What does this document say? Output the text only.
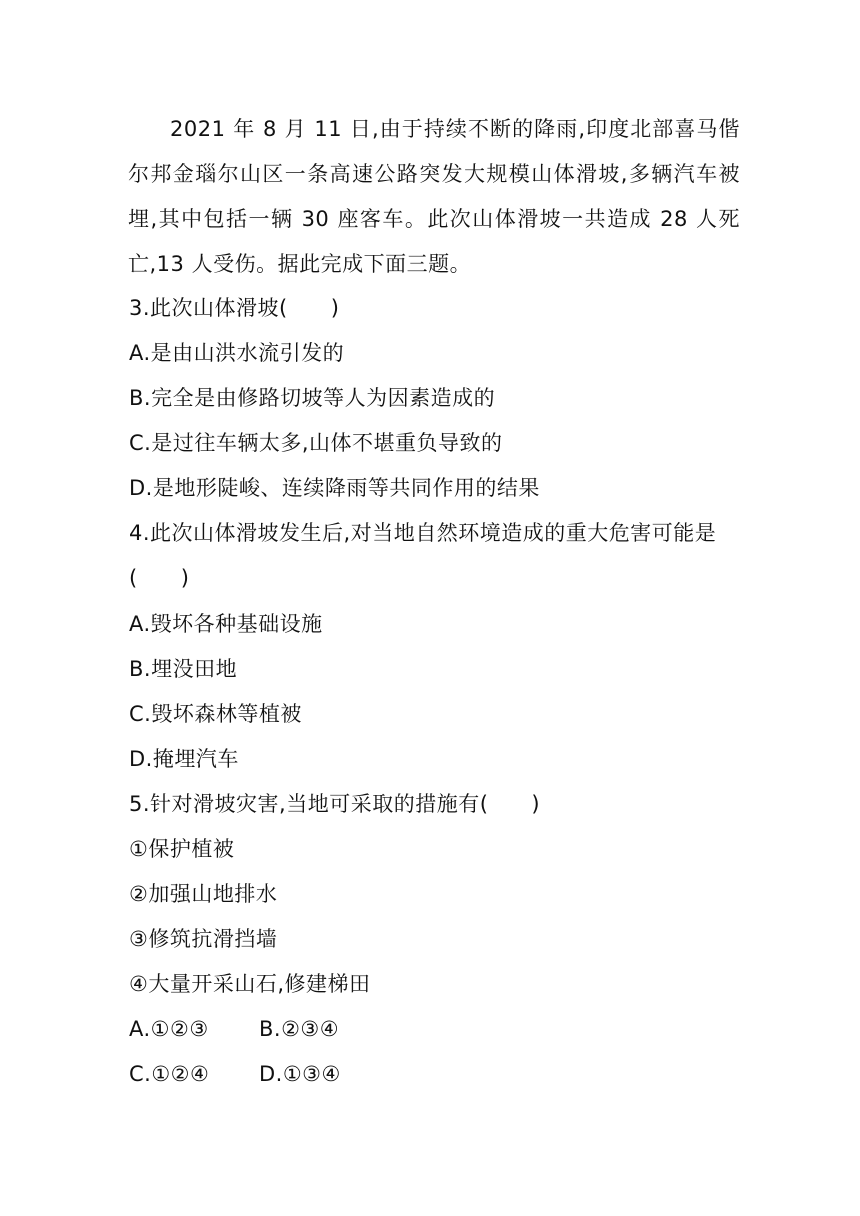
2021 年 8 月 11 日,由于持续不断的降雨,印度北部喜马偕尔邦金瑙尔山区一条高速公路突发大规模山体滑坡,多辆汽车被埋,其中包括一辆 30 座客车。此次山体滑坡一共造成 28 人死亡,13 人受伤。据此完成下面三题。
3.此次山体滑坡(　　)
A.是由山洪水流引发的
B.完全是由修路切坡等人为因素造成的
C.是过往车辆太多,山体不堪重负导致的
D.是地形陡峻、连续降雨等共同作用的结果
4.此次山体滑坡发生后,对当地自然环境造成的重大危害可能是
(　　)
A.毁坏各种基础设施
B.埋没田地
C.毁坏森林等植被
D.掩埋汽车
5.针对滑坡灾害,当地可采取的措施有(　　)
①保护植被
②加强山地排水
③修筑抗滑挡墙
④大量开采山石,修建梯田
A.①②③ B.②③④
C.①②④ D.①③④
